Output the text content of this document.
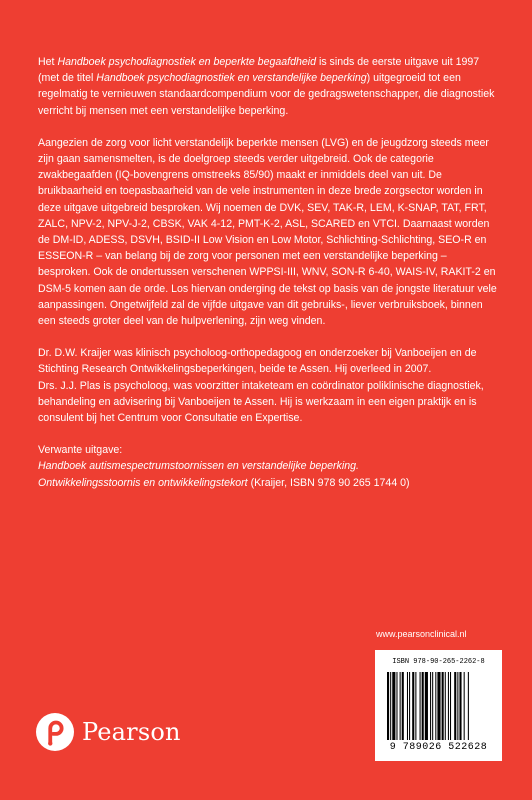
Het Handboek psychodiagnostiek en beperkte begaafdheid is sinds de eerste uitgave uit 1997 (met de titel Handboek psychodiagnostiek en verstandelijke beperking) uitgegroeid tot een regelmatig te vernieuwen standaardcompendium voor de gedragswetenschapper, die diagnostiek verricht bij mensen met een verstandelijke beperking.

Aangezien de zorg voor licht verstandelijk beperkte mensen (LVG) en de jeugdzorg steeds meer zijn gaan samensmelten, is de doelgroep steeds verder uitgebreid. Ook de categorie zwakbegaafden (IQ-bovengrens omstreeks 85/90) maakt er inmiddels deel van uit. De bruikbaarheid en toepasbaarheid van de vele instrumenten in deze brede zorgsector worden in deze uitgave uitgebreid besproken. Wij noemen de DVK, SEV, TAK-R, LEM, K-SNAP, TAT, FRT, ZALC, NPV-2, NPV-J-2, CBSK, VAK 4-12, PMT-K-2, ASL, SCARED en VTCI. Daarnaast worden de DM-ID, ADESS, DSVH, BSID-II Low Vision en Low Motor, Schlichting-Schlichting, SEO-R en ESSEON-R – van belang bij de zorg voor personen met een verstandelijke beperking – besproken. Ook de ondertussen verschenen WPPSI-III, WNV, SON-R 6-40, WAIS-IV, RAKIT-2 en DSM-5 komen aan de orde. Los hiervan onderging de tekst op basis van de jongste literatuur vele aanpassingen. Ongetwijfeld zal de vijfde uitgave van dit gebruiks-, liever verbruiksboek, binnen een steeds groter deel van de hulpverlening, zijn weg vinden.

Dr. D.W. Kraijer was klinisch psycholoog-orthopedagoog en onderzoeker bij Vanboeijen en de Stichting Research Ontwikkelingsbeperkingen, beide te Assen. Hij overleed in 2007.

Drs. J.J. Plas is psycholoog, was voorzitter intaketeam en coördinator poliklinische diagnostiek, behandeling en advisering bij Vanboeijen te Assen. Hij is werkzaam in een eigen praktijk en is consulent bij het Centrum voor Consultatie en Expertise.

Verwante uitgave:

Handboek autismespectrumstoornissen en verstandelijke beperking.
Ontwikkelingsstoornis en ontwikkelingstekort (Kraijer, ISBN 978 90 265 1744 0)

www.pearsonclinical.nl
ISBN 978-90-265-2262-8
9 789026 522628
Pearson
